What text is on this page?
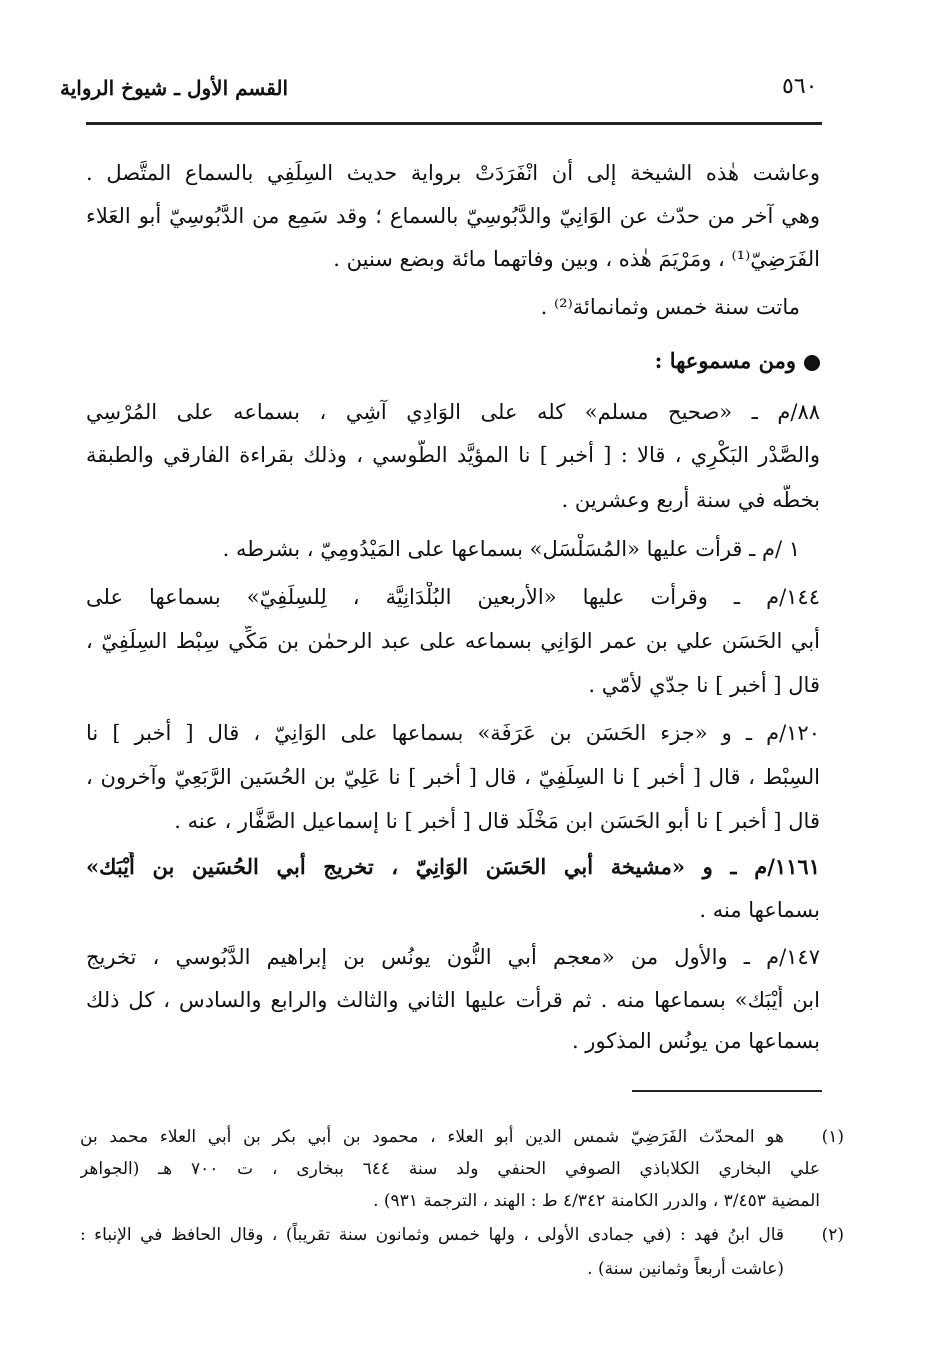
٥٦٠
القسم الأول ـ شيوخ الرواية
وعاشت هٰذه الشيخة إلى أن انْفَرَدَتْ برواية حديث السِلَفِي بالسماع المتَّصل .
وهي آخر من حدّث عن الوَانِيّ والدَّبُوسِيّ بالسماع ؛ وقد سَمِع من الدَّبُوسِيّ أبو العَلاء
الفَرَضِيّ⁽¹⁾ ، ومَرْيَمَ هٰذه ، وبين وفاتهما مائة وبضع سنين .
ماتت سنة خمس وثمانمائة⁽²⁾ .
ومن مسموعها :
٨٨/م ـ «صحيح مسلم» كله على الوَادِي آشِي ، بسماعه على المُرْسِي
والصَّدْر البَكْرِي ، قالا : [ أخبر ] نا المؤيَّد الطُّوسي ، وذلك بقراءة الفارقي والطبقة
بخطّه في سنة أربع وعشرين .
١ /م ـ قرأت عليها «المُسَلْسَل» بسماعها على المَيْدُومِيّ ، بشرطه .
١٤٤/م ـ وقرأت عليها «الأربعين البُلْدَانِيَّة ، لِلسِلَفِيّ» بسماعها على
أبي الحَسَن علي بن عمر الوَانِي بسماعه على عبد الرحمٰن بن مَكِّي سِبْط السِلَفِيّ ،
قال [ أخبر ] نا جدّي لأمّي .
١٢٠/م ـ و «جزء الحَسَن بن عَرَفَة» بسماعها على الوَانِيّ ، قال [ أخبر ] نا
السِبْط ، قال [ أخبر ] نا السِلَفِيّ ، قال [ أخبر ] نا عَلِيّ بن الحُسَين الرَّبَعِيّ وآخرون ،
قال [ أخبر ] نا أبو الحَسَن ابن مَخْلَد قال [ أخبر ] نا إسماعيل الصَّفَّار ، عنه .
١١٦١/م ـ و «مشيخة أبي الحَسَن الوَانِيّ ، تخريج أبي الحُسَين بن أَيْبَك»
بسماعها منه .
١٤٧/م ـ والأول من «معجم أبي النُّون يونُس بن إبراهيم الدَّبُوسي ، تخريج
ابن أَيْبَك» بسماعها منه . ثم قرأت عليها الثاني والثالث والرابع والسادس ، كل ذلك
بسماعها من يونُس المذكور .
(١)
هو المحدّث الفَرَضِيّ شمس الدين أبو العلاء ، محمود بن أبي بكر بن أبي العلاء محمد بن
علي البخاري الكلاباذي الصوفي الحنفي ولد سنة ٦٤٤ ببخارى ، ت ٧٠٠ هـ (الجواهر
المضية ٣/٤٥٣ ، والدرر الكامنة ٤/٣٤٢ ط : الهند ، الترجمة ٩٣١) .
(٢)
قال ابنُ فهد : (في جمادى الأولى ، ولها خمس وثمانون سنة تقريباً) ، وقال الحافظ في الإنباء :
(عاشت أربعاً وثمانين سنة) .
